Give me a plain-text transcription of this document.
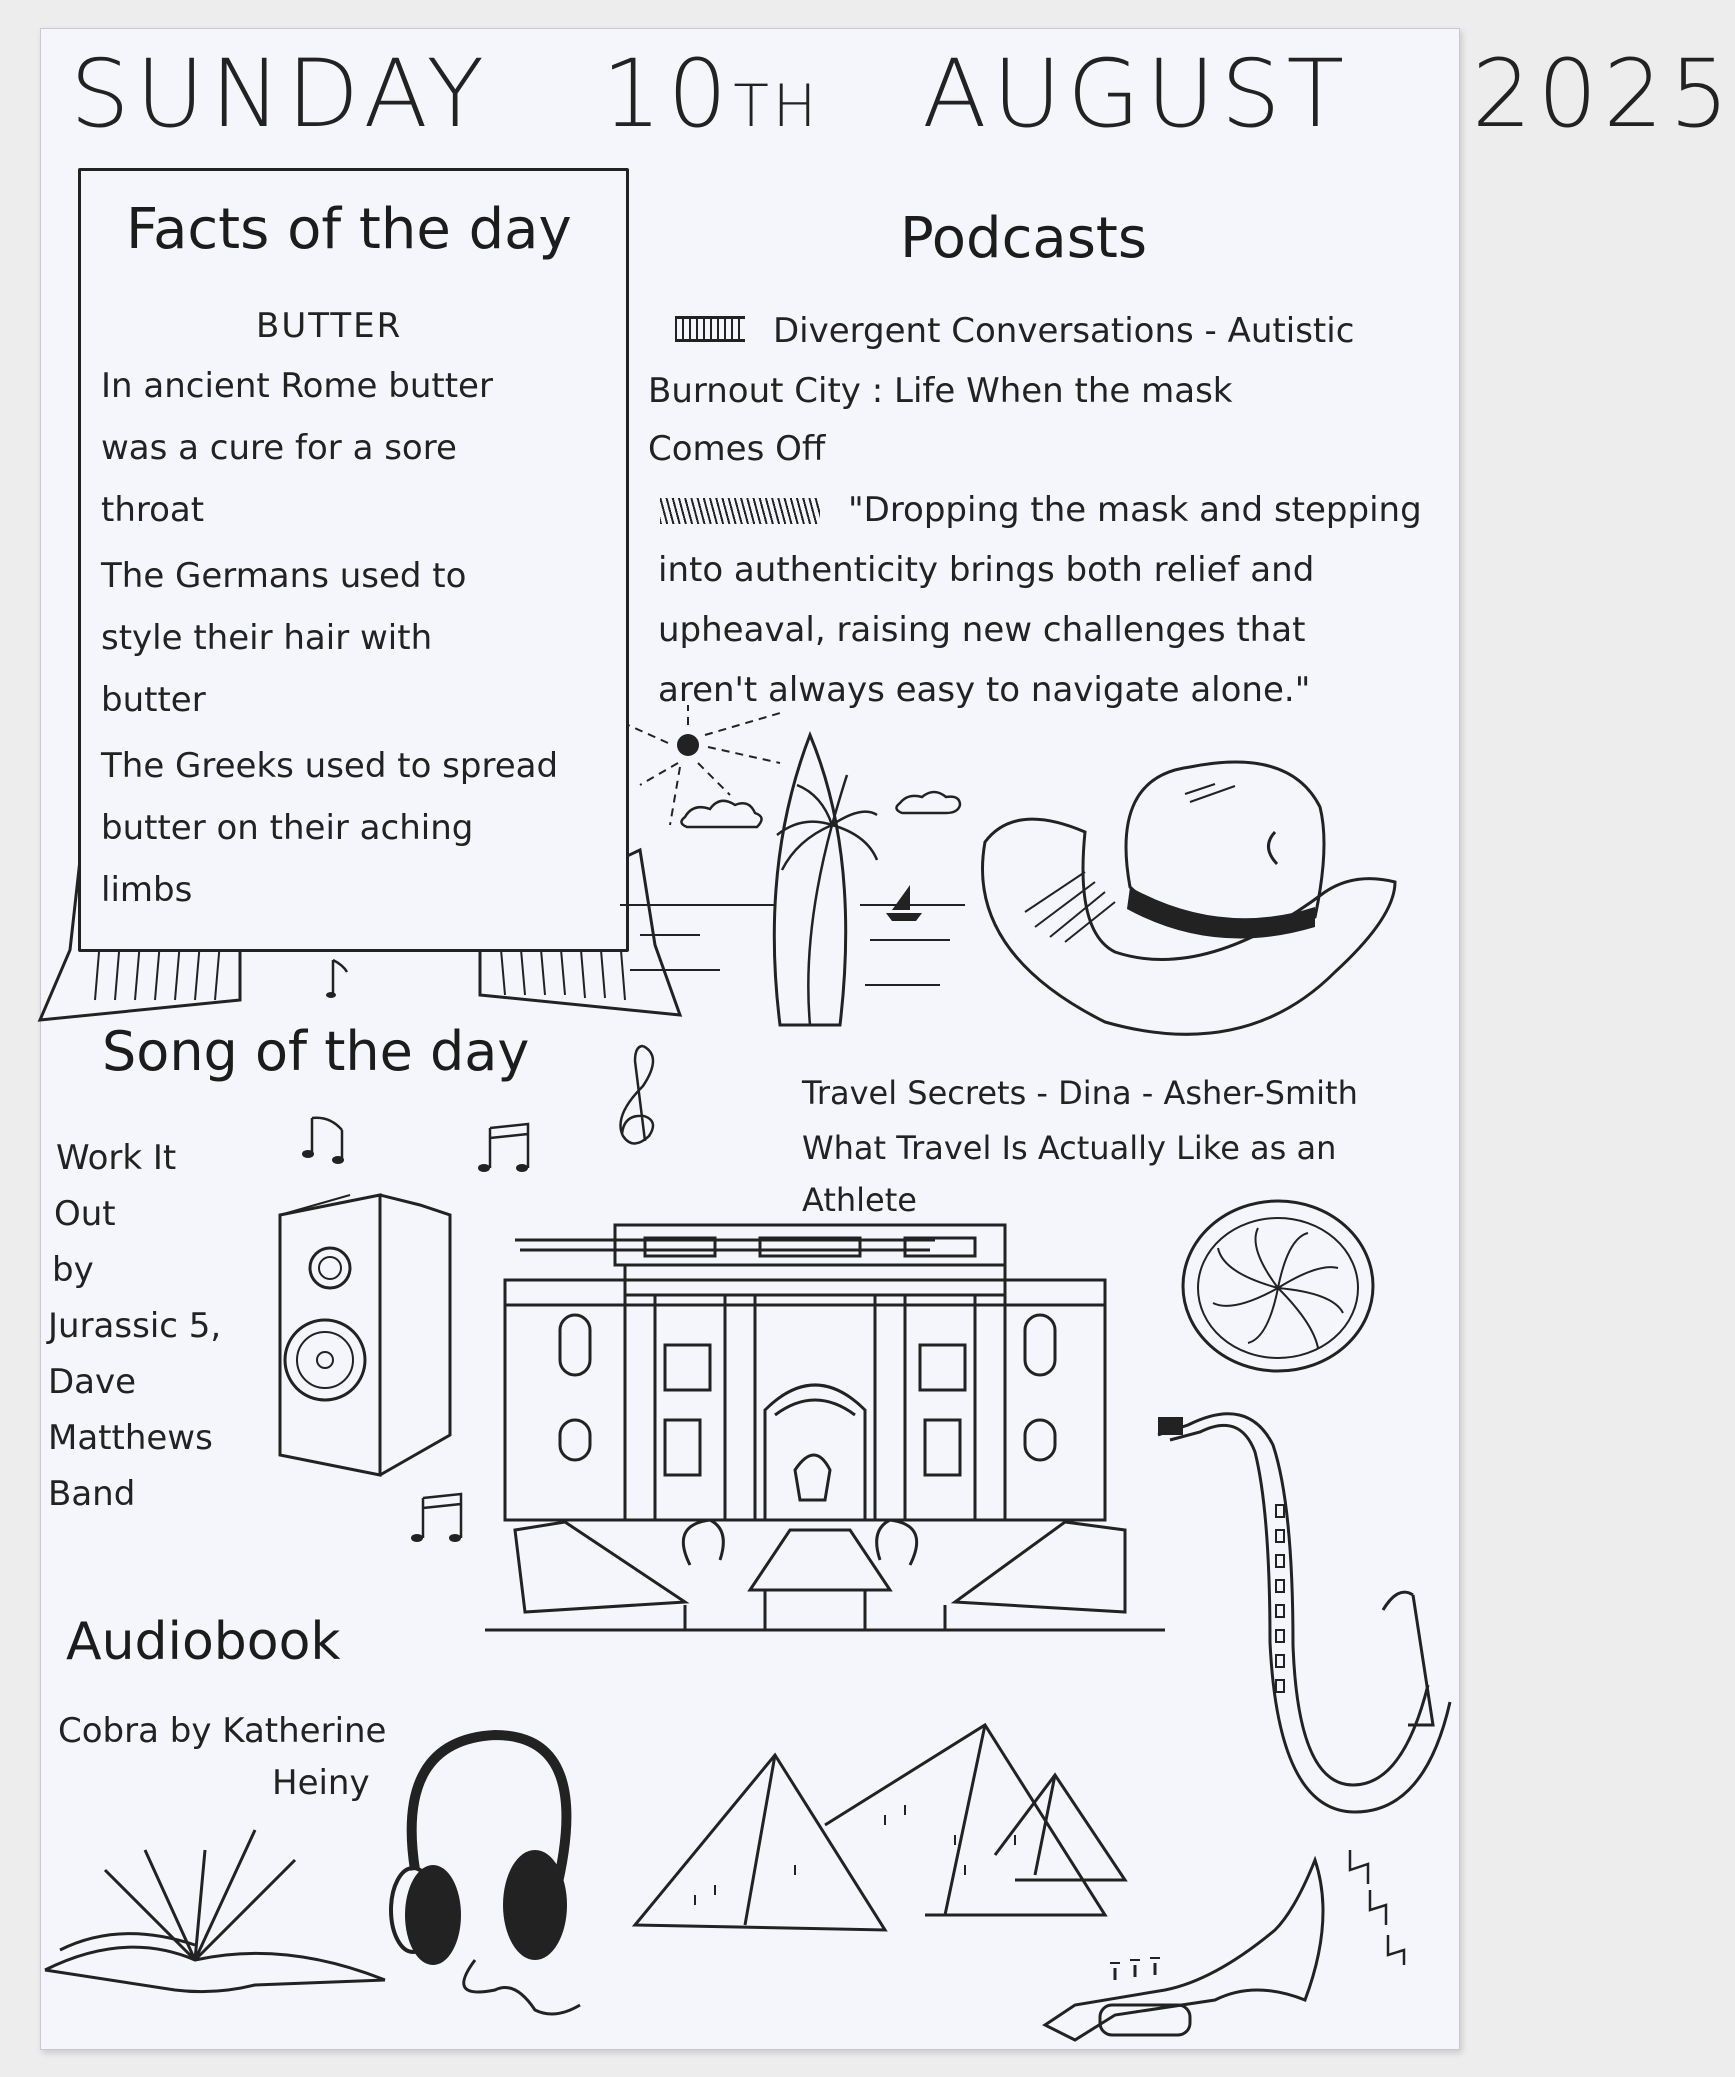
SUNDAY 10TH AUGUST 2025
Facts of the day
BUTTER
In ancient Rome butter
was a cure for a sore
throat
The Germans used to
style their hair with
butter
The Greeks used to spread
butter on their aching
limbs
Podcasts
Divergent Conversations - Autistic
Burnout City : Life When the mask
Comes Off
"Dropping the mask and stepping
into authenticity brings both relief and
upheaval, raising new challenges that
aren't always easy to navigate alone."
Song of the day
Work It
Out
by
Jurassic 5,
Dave
Matthews
Band
Travel Secrets - Dina - Asher-Smith
What Travel Is Actually Like as an
Athlete
Audiobook
Cobra by Katherine
Heiny
